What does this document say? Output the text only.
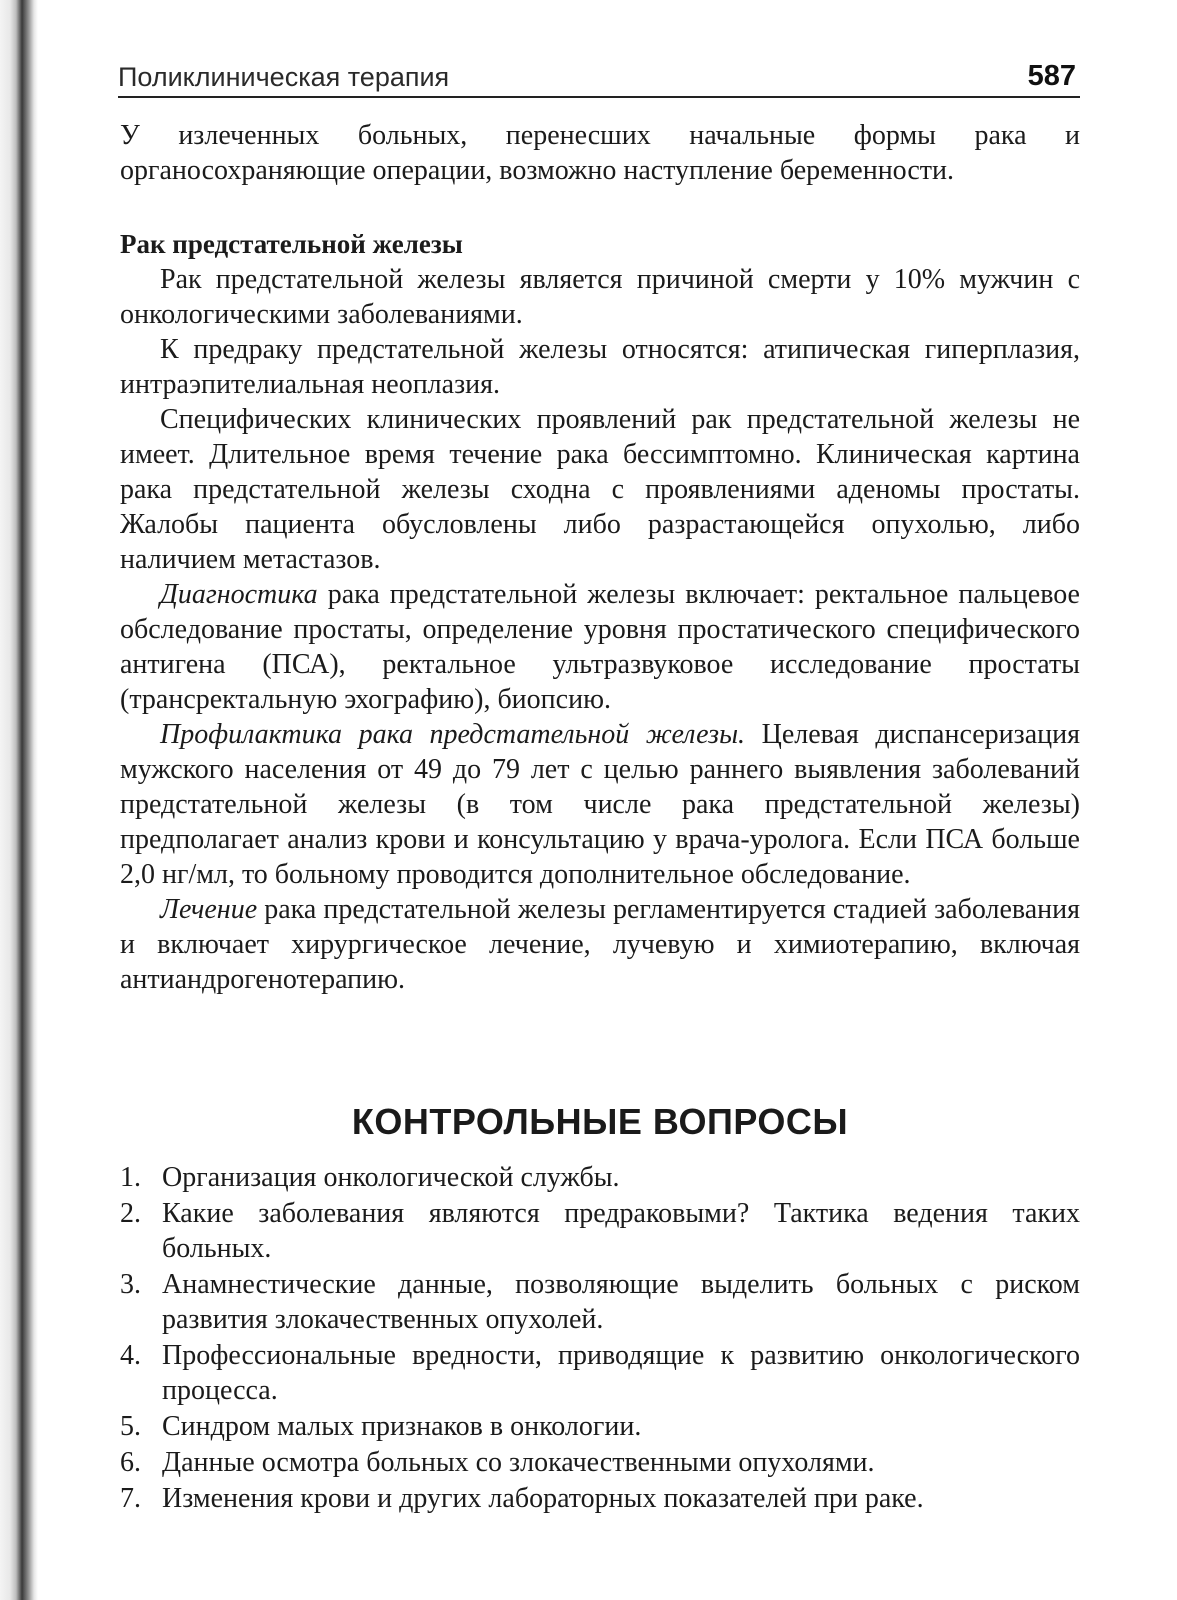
Поликлиническая терапия	587

У излеченных больных, перенесших начальные формы рака и органосохраняющие операции, возможно наступление беременности.

Рак предстательной железы

Рак предстательной железы является причиной смерти у 10% мужчин с онкологическими заболеваниями.

К предраку предстательной железы относятся: атипическая гиперплазия, интраэпителиальная неоплазия.

Специфических клинических проявлений рак предстательной железы не имеет. Длительное время течение рака бессимптомно. Клиническая картина рака предстательной железы сходна с проявлениями аденомы простаты. Жалобы пациента обусловлены либо разрастающейся опухолью, либо наличием метастазов.

Диагностика рака предстательной железы включает: ректальное пальцевое обследование простаты, определение уровня простатического специфического антигена (ПСА), ректальное ультразвуковое исследование простаты (трансректальную эхографию), биопсию.

Профилактика рака предстательной железы. Целевая диспансеризация мужского населения от 49 до 79 лет с целью раннего выявления заболеваний предстательной железы (в том числе рака предстательной железы) предполагает анализ крови и консультацию у врача-уролога. Если ПСА больше 2,0 нг/мл, то больному проводится дополнительное обследование.

Лечение рака предстательной железы регламентируется стадией заболевания и включает хирургическое лечение, лучевую и химиотерапию, включая антиандрогенотерапию.

КОНТРОЛЬНЫЕ ВОПРОСЫ
1. Организация онкологической службы.
2. Какие заболевания являются предраковыми? Тактика ведения таких больных.
3. Анамнестические данные, позволяющие выделить больных с риском развития злокачественных опухолей.
4. Профессиональные вредности, приводящие к развитию онкологического процесса.
5. Синдром малых признаков в онкологии.
6. Данные осмотра больных со злокачественными опухолями.
7. Изменения крови и других лабораторных показателей при раке.
